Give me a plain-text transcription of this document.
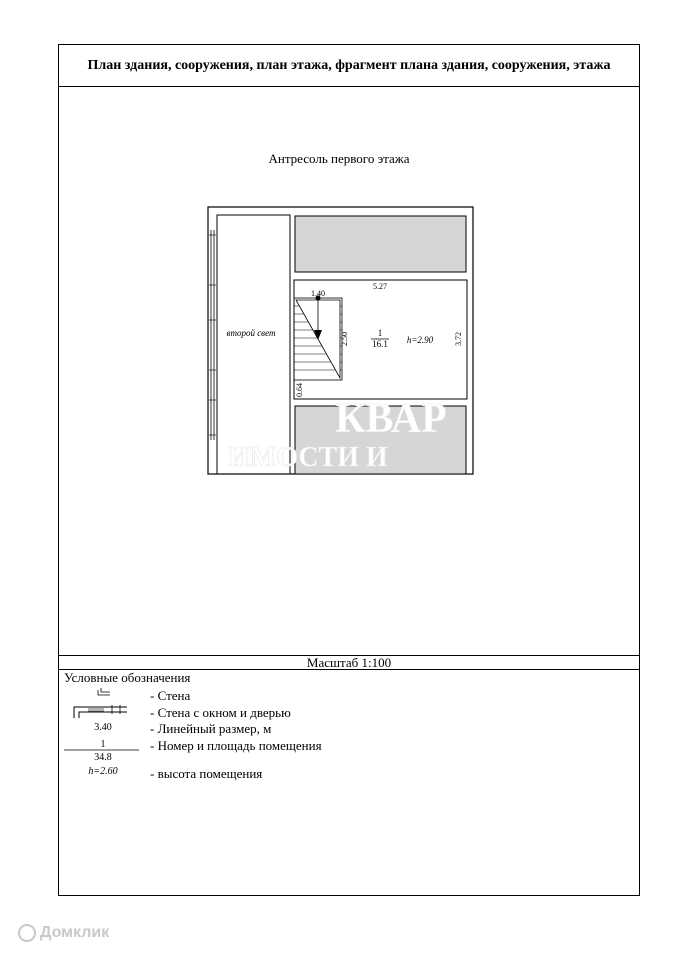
План здания, сооружения, план этажа, фрагмент плана здания, сооружения, этажа
Масштаб 1:100
Антресоль первого этажа
второй свет
5.27
1.40
2.50	3.72
0.64
1
16.1 h=2.90
КВАР
ИМОСТИ И
Условные обозначения
- Стена
- Стена с окном и дверью
3.40	- Линейный размер, м
1
34.8
- Номер и площадь помещения
h=2.60	- высота помещения
Домклик
